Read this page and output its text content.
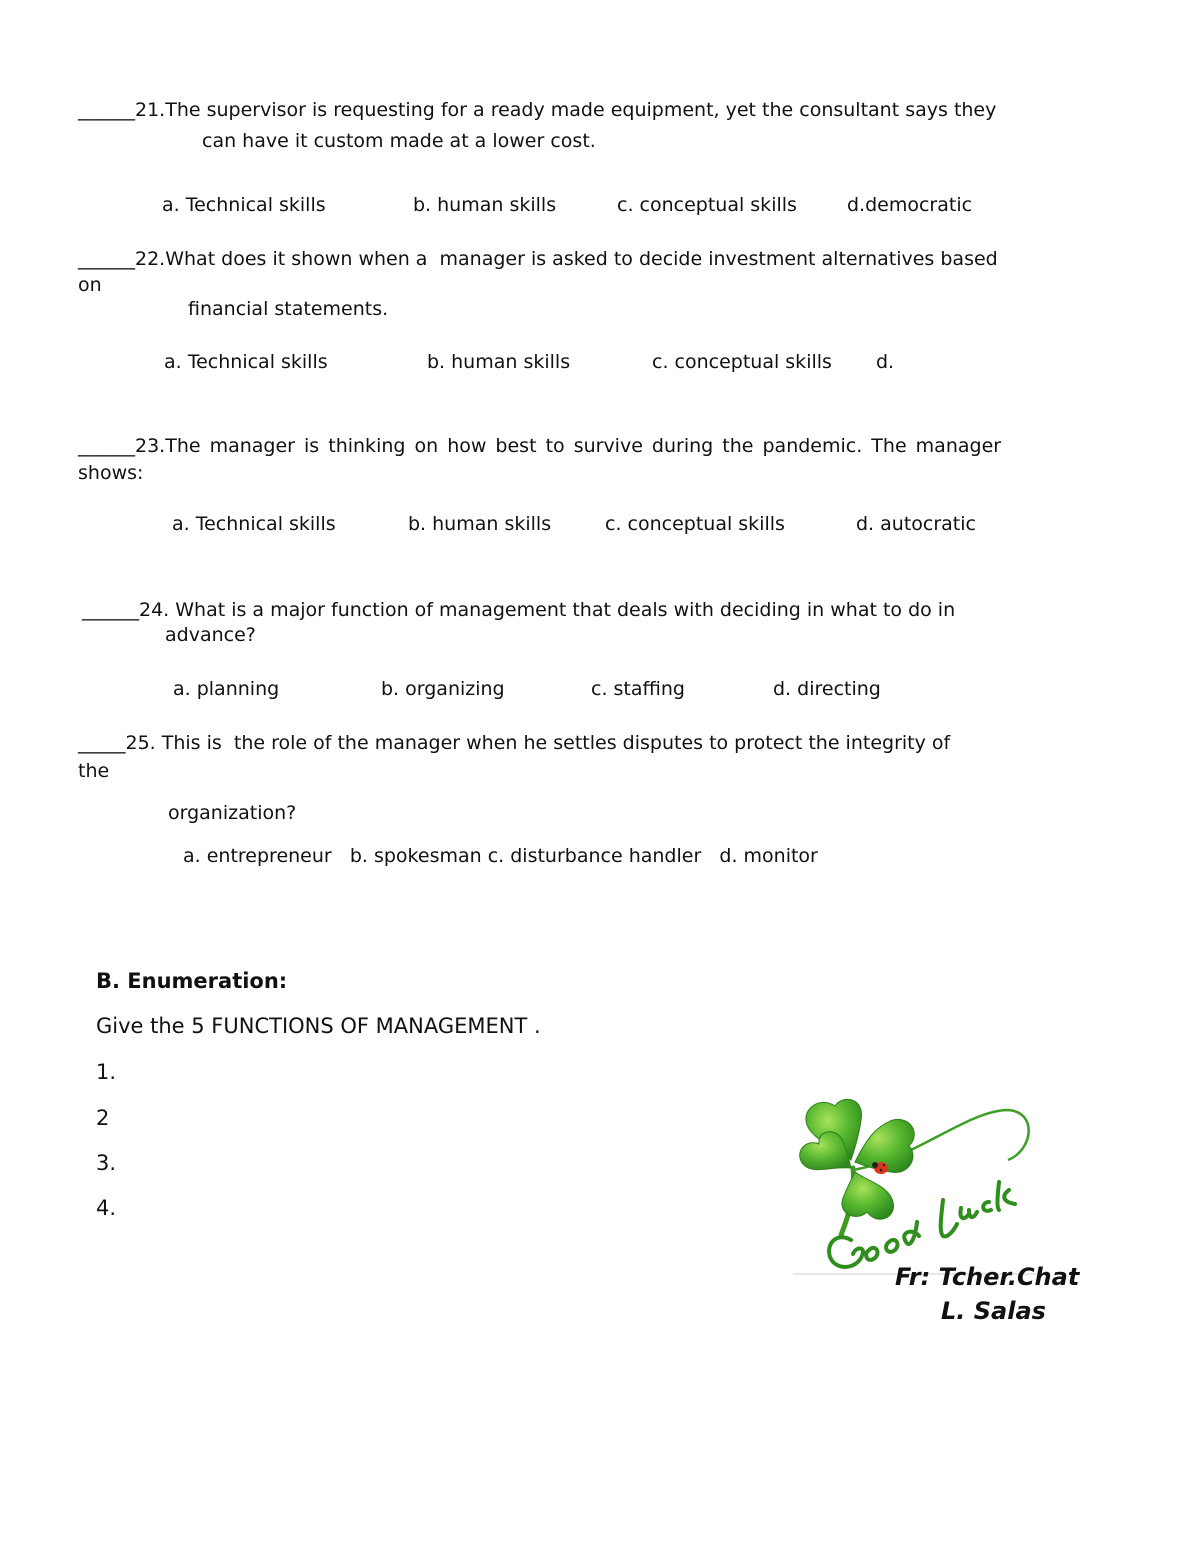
______21.The supervisor is requesting for a ready made equipment, yet the consultant says they
can have it custom made at a lower cost.
a. Technical skills	b. human skills	c. conceptual skills	d.democratic
______22.What does it shown when a  manager is asked to decide investment alternatives based
on
financial statements.
a. Technical skills	b. human skills	c. conceptual skills d.
______23.The manager is thinking on how best to survive during the pandemic. The manager
shows:
a. Technical skills	b. human skills	c. conceptual skills	d. autocratic
______24. What is a major function of management that deals with deciding in what to do in
advance?
a. planning	b. organizing	c. staffing	d. directing
_____25. This is  the role of the manager when he settles disputes to protect the integrity of
the
organization?
a. entrepreneur   b. spokesman c. disturbance handler   d. monitor
B. Enumeration:
Give the 5 FUNCTIONS OF MANAGEMENT .
1.
2
3.
4.
Fr: Tcher.Chat
L. Salas
